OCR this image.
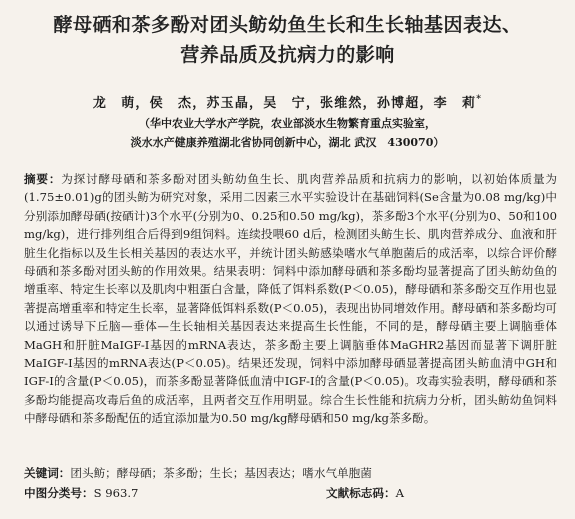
酵母硒和茶多酚对团头鲂幼鱼生长和生长轴基因表达、
营养品质及抗病力的影响
龙　萌，侯　杰，苏玉晶，吴　宁，张维然，孙博超，李　莉*
（华中农业大学水产学院，农业部淡水生物繁育重点实验室，
淡水水产健康养殖湖北省协同创新中心，湖北 武汉　430070）
摘要：为探讨酵母硒和茶多酚对团头鲂幼鱼生长、肌肉营养品质和抗病力的影响，以初始体质量为(1.75±0.01)g的团头鲂为研究对象，采用二因素三水平实验设计在基础饲料(Se含量为0.08 mg/kg)中分别添加酵母硒(按硒计)3个水平(分别为0、0.25和0.50 mg/kg)，茶多酚3个水平(分别为0、50和100 mg/kg)，进行排列组合后得到9组饲料。连续投喂60 d后，检测团头鲂生长、肌肉营养成分、血液和肝脏生化指标以及生长相关基因的表达水平，并统计团头鲂感染嗜水气单胞菌后的成活率，以综合评价酵母硒和茶多酚对团头鲂的作用效果。结果表明：饲料中添加酵母硒和茶多酚均显著提高了团头鲂幼鱼的增重率、特定生长率以及肌肉中粗蛋白含量，降低了饵料系数(P＜0.05)，酵母硒和茶多酚交互作用也显著提高增重率和特定生长率，显著降低饵料系数(P＜0.05)，表现出协同增效作用。酵母硒和茶多酚均可以通过诱导下丘脑—垂体—生长轴相关基因表达来提高生长性能，不同的是，酵母硒主要上调脑垂体MaGH和肝脏MaIGF-I基因的mRNA表达，茶多酚主要上调脑垂体MaGHR2基因而显著下调肝脏MaIGF-I基因的mRNA表达(P＜0.05)。结果还发现，饲料中添加酵母硒显著提高团头鲂血清中GH和IGF-I的含量(P＜0.05)，而茶多酚显著降低血清中IGF-I的含量(P＜0.05)。攻毒实验表明，酵母硒和茶多酚均能提高攻毒后鱼的成活率，且两者交互作用明显。综合生长性能和抗病力分析，团头鲂幼鱼饲料中酵母硒和茶多酚配伍的适宜添加量为0.50 mg/kg酵母硒和50 mg/kg茶多酚。
关键词：团头鲂；酵母硒；茶多酚；生长；基因表达；嗜水气单胞菌
中图分类号：S 963.7	文献标志码：A
